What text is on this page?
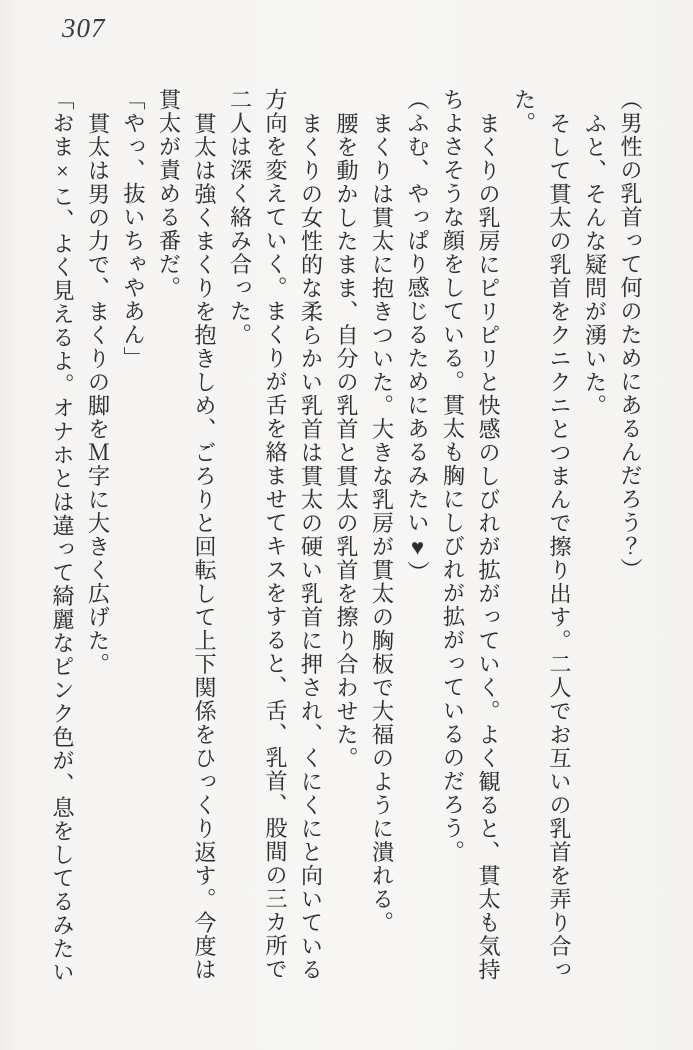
307

（男性の乳首って何のためにあるんだろう？）

ふと、そんな疑問が湧いた。

そして貫太の乳首をクニクニとつまんで擦り出す。二人でお互いの乳首を弄り合った。

まくりの乳房にピリピリと快感のしびれが拡がっていく。よく観ると、貫太も気持ちよさそうな顔をしている。貫太も胸にしびれが拡がっているのだろう。

（ふむ、やっぱり感じるためにあるみたい♥）

まくりは貫太に抱きついた。大きな乳房が貫太の胸板で大福のように潰れる。

腰を動かしたまま、自分の乳首と貫太の乳首を擦り合わせた。

まくりの女性的な柔らかい乳首は貫太の硬い乳首に押され、くにくにと向いている方向を変えていく。まくりが舌を絡ませてキスをすると、舌、乳首、股間の三カ所で二人は深く絡み合った。

貫太は強くまくりを抱きしめ、ごろりと回転して上下関係をひっくり返す。今度は貫太が責める番だ。

「やっ、抜いちゃやあん」

貫太は男の力で、まくりの脚をＭ字に大きく広げた。

「おま×こ、よく見えるよ。オナホとは違って綺麗なピンク色が、息をしてるみたい
